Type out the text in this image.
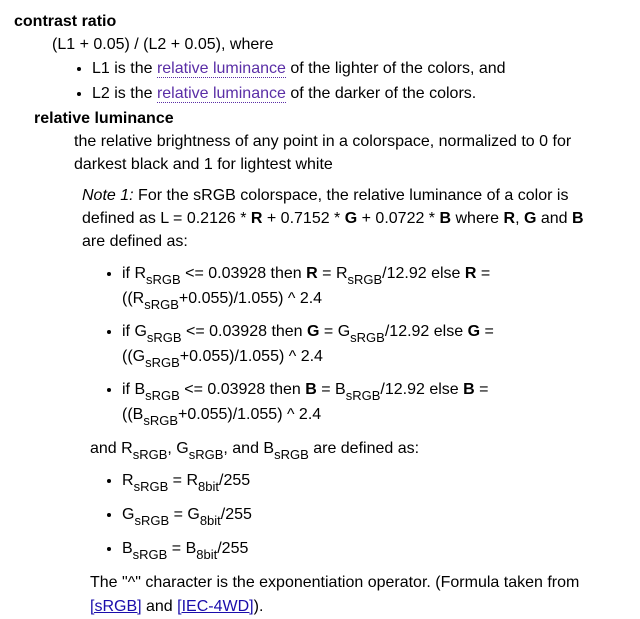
contrast ratio
(L1 + 0.05) / (L2 + 0.05), where
• L1 is the relative luminance of the lighter of the colors, and
• L2 is the relative luminance of the darker of the colors.
relative luminance
the relative brightness of any point in a colorspace, normalized to 0 for darkest black and 1 for lightest white
Note 1: For the sRGB colorspace, the relative luminance of a color is defined as L = 0.2126 * R + 0.7152 * G + 0.0722 * B where R, G and B are defined as:
• if $R_{sRGB} <= 0.03928$ then $R = R_{sRGB}/12.92$ else R =
$((R_{sRGB}+0.055)/1.055)$ ^ 2.4
• if $G_{sRGB} <= 0.03928$ then $G = G_{sRGB}/12.92$ else G =
$((G_{sRGB}+0.055)/1.055)$ ^ 2.4
• if $B_{sRGB} <= 0.03928$ then $B = B_{sRGB}/12.92$ else B =
$((B_{sRGB}+0.055)/1.055)$ ^ 2.4
and $R_{sRGB}$, $G_{sRGB}$, and $B_{sRGB}$ are defined as:
• $R_{sRGB} = R_{8bit}/255$
• $G_{sRGB} = G_{8bit}/255$
• $B_{sRGB} = B_{8bit}/255$
The "^" character is the exponentiation operator. (Formula taken from [sRGB] and [IEC-4WD]).
